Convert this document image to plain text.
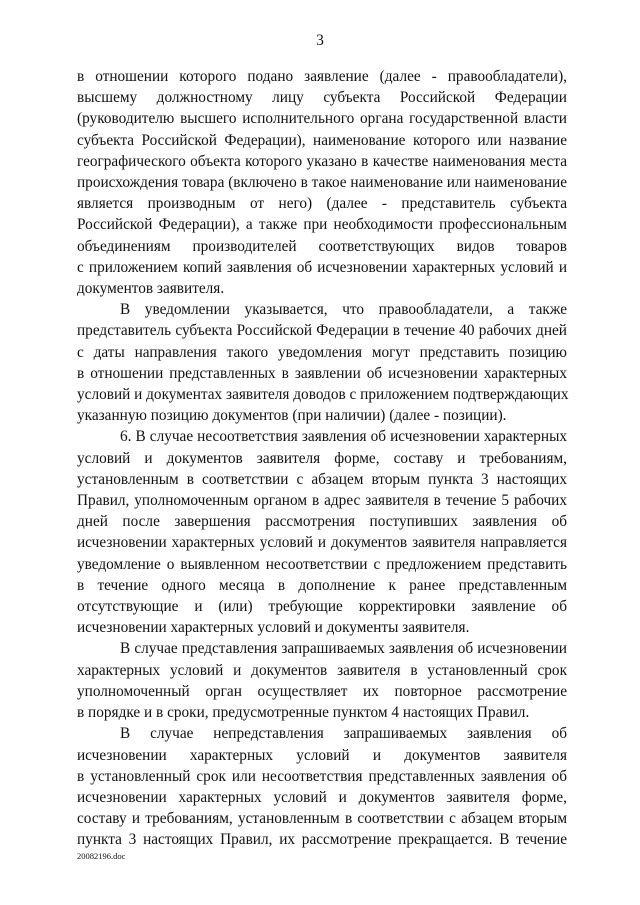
3
в отношении которого подано заявление (далее - правообладатели),
высшему должностному лицу субъекта Российской Федерации
(руководителю высшего исполнительного органа государственной власти
субъекта Российской Федерации), наименование которого или название
географического объекта которого указано в качестве наименования места
происхождения товара (включено в такое наименование или наименование
является производным от него) (далее - представитель субъекта
Российской Федерации), а также при необходимости профессиональным
объединениям производителей соответствующих видов товаров
с приложением копий заявления об исчезновении характерных условий и
документов заявителя.
В уведомлении указывается, что правообладатели, а также
представитель субъекта Российской Федерации в течение 40 рабочих дней
с даты направления такого уведомления могут представить позицию
в отношении представленных в заявлении об исчезновении характерных
условий и документах заявителя доводов с приложением подтверждающих
указанную позицию документов (при наличии) (далее - позиции).
6. В случае несоответствия заявления об исчезновении характерных
условий и документов заявителя форме, составу и требованиям,
установленным в соответствии с абзацем вторым пункта 3 настоящих
Правил, уполномоченным органом в адрес заявителя в течение 5 рабочих
дней после завершения рассмотрения поступивших заявления об
исчезновении характерных условий и документов заявителя направляется
уведомление о выявленном несоответствии с предложением представить
в течение одного месяца в дополнение к ранее представленным
отсутствующие и (или) требующие корректировки заявление об
исчезновении характерных условий и документы заявителя.
В случае представления запрашиваемых заявления об исчезновении
характерных условий и документов заявителя в установленный срок
уполномоченный орган осуществляет их повторное рассмотрение
в порядке и в сроки, предусмотренные пунктом 4 настоящих Правил.
В случае непредставления запрашиваемых заявления об
исчезновении характерных условий и документов заявителя
в установленный срок или несоответствия представленных заявления об
исчезновении характерных условий и документов заявителя форме,
составу и требованиям, установленным в соответствии с абзацем вторым
пункта 3 настоящих Правил, их рассмотрение прекращается. В течение
20082196.doc
